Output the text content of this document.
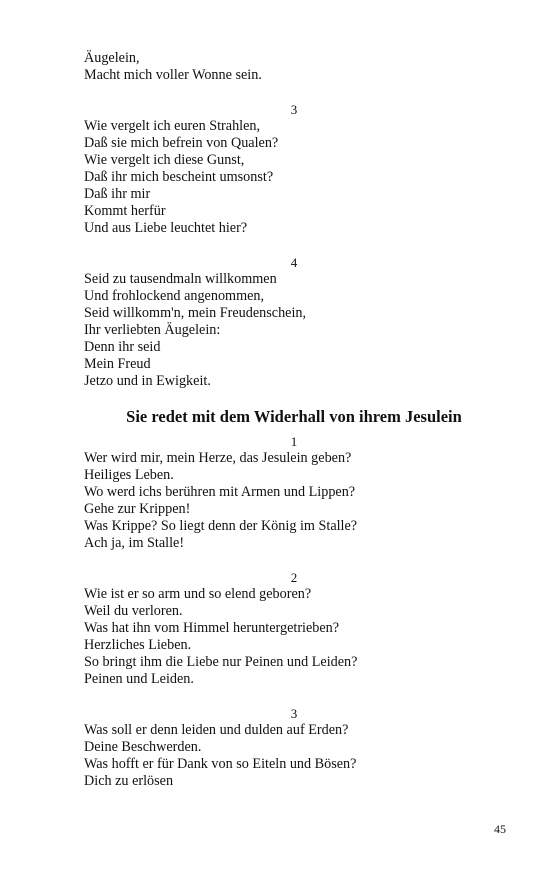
Äugelein,
Macht mich voller Wonne sein.
3
Wie vergelt ich euren Strahlen,
Daß sie mich befrein von Qualen?
Wie vergelt ich diese Gunst,
Daß ihr mich bescheint umsonst?
Daß ihr mir
Kommt herfür
Und aus Liebe leuchtet hier?
4
Seid zu tausendmaln willkommen
Und frohlockend angenommen,
Seid willkomm'n, mein Freudenschein,
Ihr verliebten Äugelein:
Denn ihr seid
Mein Freud
Jetzo und in Ewigkeit.
Sie redet mit dem Widerhall von ihrem Jesulein
1
Wer wird mir, mein Herze, das Jesulein geben?
Heiliges Leben.
Wo werd ichs berühren mit Armen und Lippen?
Gehe zur Krippen!
Was Krippe? So liegt denn der König im Stalle?
Ach ja, im Stalle!
2
Wie ist er so arm und so elend geboren?
Weil du verloren.
Was hat ihn vom Himmel heruntergetrieben?
Herzliches Lieben.
So bringt ihm die Liebe nur Peinen und Leiden?
Peinen und Leiden.
3
Was soll er denn leiden und dulden auf Erden?
Deine Beschwerden.
Was hofft er für Dank von so Eiteln und Bösen?
Dich zu erlösen
45
